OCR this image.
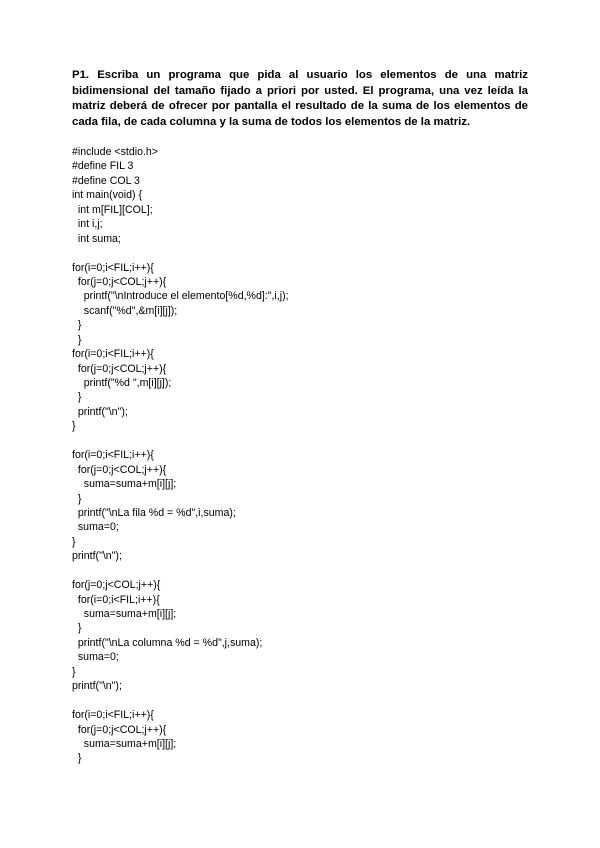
P1. Escriba un programa que pida al usuario los elementos de una matriz bidimensional del tamaño fijado a priori por usted. El programa, una vez leída la matriz deberá de ofrecer por pantalla el resultado de la suma de los elementos de cada fila, de cada columna y la suma de todos los elementos de la matriz.

#include <stdio.h>
#define FIL 3
#define COL 3
int main(void) {
int m[FIL][COL];
int i,j;
int suma;
for(i=0;i<FIL;i++){
for(j=0;j<COL;j++){
printf("\nIntroduce el elemento[%d,%d]:",i,j);
scanf("%d",&m[i][j]);
}
}
for(i=0;i<FIL;i++){
for(j=0;j<COL;j++){
printf("%d ",m[i][j]);
}
printf("\n");
}
for(i=0;i<FIL;i++){
for(j=0;j<COL;j++){
suma=suma+m[i][j];
}
printf("\nLa fila %d = %d",i,suma);
suma=0;
}
printf("\n");
for(j=0;j<COL;j++){
for(i=0;i<FIL;i++){
suma=suma+m[i][j];
}
printf("\nLa columna %d = %d",j,suma);
suma=0;
}
printf("\n");
for(i=0;i<FIL;i++){
for(j=0;j<COL;j++){
suma=suma+m[i][j];
}
